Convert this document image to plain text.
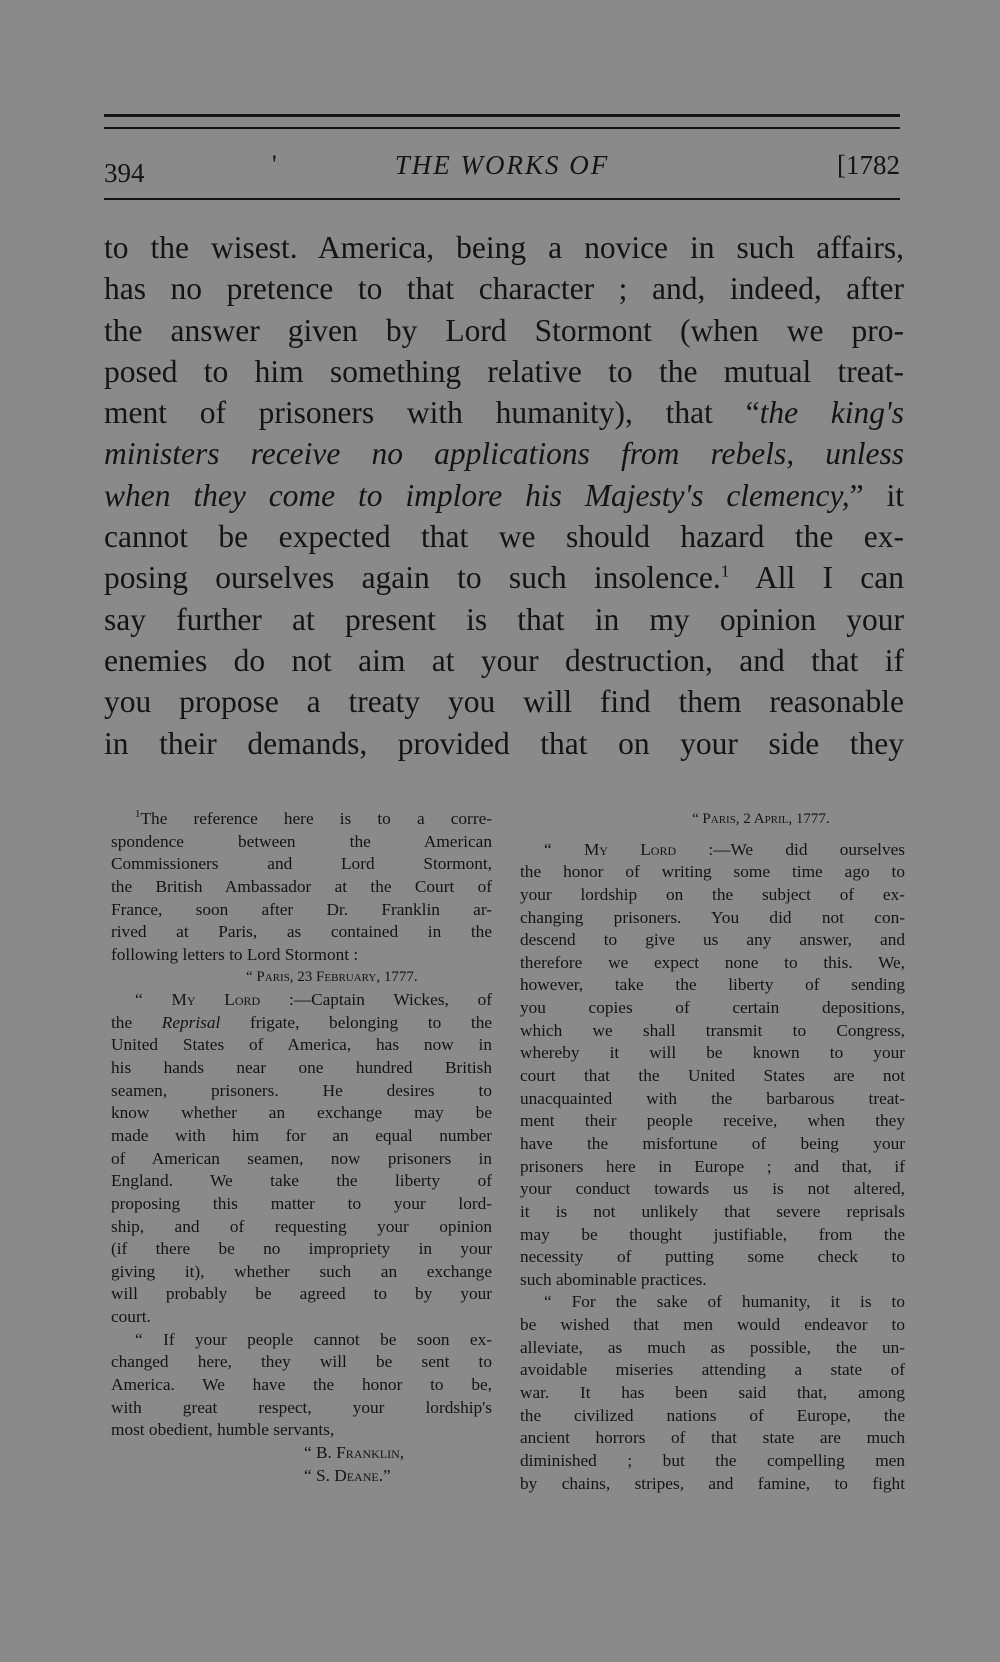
394	'	THE WORKS OF	[1782
to the wisest. America, being a novice in such affairs,
has no pretence to that character ; and, indeed, after
the answer given by Lord Stormont (when we pro-
posed to him something relative to the mutual treat-
ment of prisoners with humanity), that “the king's
ministers receive no applications from rebels, unless
when they come to implore his Majesty's clemency,” it
cannot be expected that we should hazard the ex-
posing ourselves again to such insolence.$^1$ All I can
say further at present is that in my opinion your
enemies do not aim at your destruction, and that if
you propose a treaty you will find them reasonable
in their demands, provided that on your side they
$^1$The reference here is to a corre-
spondence between the American
Commissioners and Lord Stormont,
the British Ambassador at the Court of
France, soon after Dr. Franklin ar-
rived at Paris, as contained in the
following letters to Lord Stormont :
“ Paris, 23 February, 1777.
“ My Lord :—Captain Wickes, of
the Reprisal frigate, belonging to the
United States of America, has now in
his hands near one hundred British
seamen, prisoners. He desires to
know whether an exchange may be
made with him for an equal number
of American seamen, now prisoners in
England. We take the liberty of
proposing this matter to your lord-
ship, and of requesting your opinion
(if there be no impropriety in your
giving it), whether such an exchange
will probably be agreed to by your
court.
“ If your people cannot be soon ex-
changed here, they will be sent to
America. We have the honor to be,
with great respect, your lordship's
most obedient, humble servants,
“ B. Franklin,
“ S. Deane.”
“ Paris, 2 April, 1777.
“ My Lord :—We did ourselves
the honor of writing some time ago to
your lordship on the subject of ex-
changing prisoners. You did not con-
descend to give us any answer, and
therefore we expect none to this. We,
however, take the liberty of sending
you copies of certain depositions,
which we shall transmit to Congress,
whereby it will be known to your
court that the United States are not
unacquainted with the barbarous treat-
ment their people receive, when they
have the misfortune of being your
prisoners here in Europe ; and that, if
your conduct towards us is not altered,
it is not unlikely that severe reprisals
may be thought justifiable, from the
necessity of putting some check to
such abominable practices.
“ For the sake of humanity, it is to
be wished that men would endeavor to
alleviate, as much as possible, the un-
avoidable miseries attending a state of
war. It has been said that, among
the civilized nations of Europe, the
ancient horrors of that state are much
diminished ; but the compelling men
by chains, stripes, and famine, to fight
